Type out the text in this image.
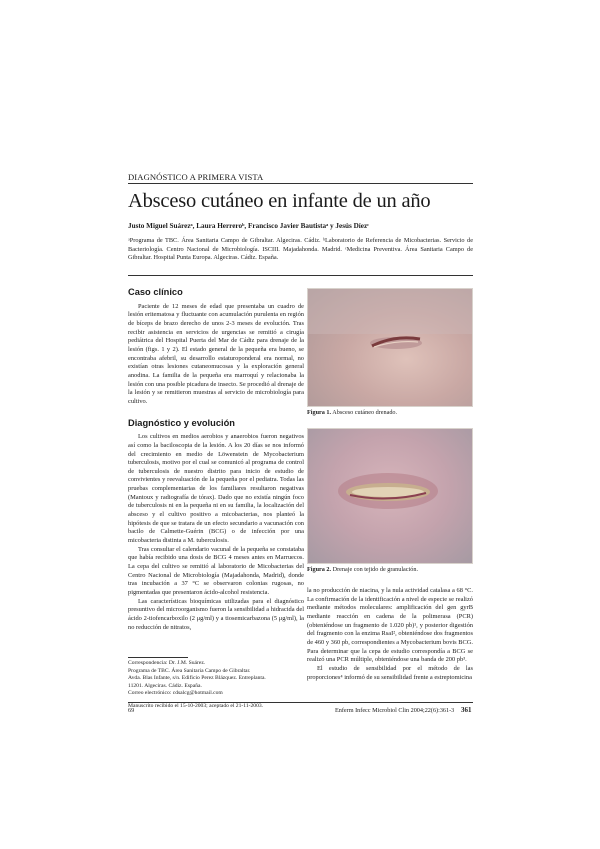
DIAGNÓSTICO A PRIMERA VISTA
Absceso cutáneo en infante de un año
Justo Miguel Suárezᵃ, Laura Herreroᵇ, Francisco Javier Bautistaᵃ y Jesús Díezᶜ
ᵃPrograma de TBC. Área Sanitaria Campo de Gibraltar. Algeciras. Cádiz. ᵇLaboratorio de Referencia de Micobacterias. Servicio de Bacteriología. Centro Nacional de Microbiología. ISCIII. Majadahonda. Madrid. ᶜMedicina Preventiva. Área Sanitaria Campo de Gibraltar. Hospital Punta Europa. Algeciras. Cádiz. España.
Caso clínico

Paciente de 12 meses de edad que presentaba un cuadro de lesión eritematosa y fluctuante con acumulación purulenta en región de bíceps de brazo derecho de unos 2-3 meses de evolución. Tras recibir asistencia en servicios de urgencias se remitió a cirugía pediátrica del Hospital Puerta del Mar de Cádiz para drenaje de la lesión (figs. 1 y 2). El estado general de la pequeña era bueno, se encontraba afebril, su desarrollo estaturoponderal era normal, no existían otras lesiones cutaneomucosas y la exploración general anodina. La familia de la pequeña era marroquí y relacionaba la lesión con una posible picadura de insecto. Se procedió al drenaje de la lesión y se remitieron muestras al servicio de microbiología para cultivo.

Diagnóstico y evolución

Los cultivos en medios aerobios y anaerobios fueron negativos así como la baciloscopia de la lesión. A los 20 días se nos informó del crecimiento en medio de Löwenstein de Mycobacterium tuberculosis, motivo por el cual se comunicó al programa de control de tuberculosis de nuestro distrito para inicio de estudio de convivientes y reevaluación de la pequeña por el pediatra. Todas las pruebas complementarias de los familiares resultaron negativas (Mantoux y radiografía de tórax). Dado que no existía ningún foco de tuberculosis ni en la pequeña ni en su familia, la localización del absceso y el cultivo positivo a micobacterias, nos planteó la hipótesis de que se tratara de un efecto secundario a vacunación con bacilo de Calmette-Guérin (BCG) o de infección por una micobacteria distinta a M. tuberculosis.

Tras consultar el calendario vacunal de la pequeña se constataba que había recibido una dosis de BCG 4 meses antes en Marruecos. La cepa del cultivo se remitió al laboratorio de Micobacterias del Centro Nacional de Microbiología (Majadahonda, Madrid), donde tras incubación a 37 °C se observaron colonias rugosas, no pigmentadas que presentaron ácido-alcohol resistencia.

Las características bioquímicas utilizadas para el diagnóstico presuntivo del microorganismo fueron la sensibilidad a hidracida del ácido 2-tiofencarboxilo (2 μg/ml) y a tiosemicarbazona (5 μg/ml), la no reducción de nitratos,

Figura 1. Absceso cutáneo drenado.
Figura 2. Drenaje con tejido de granulación.

la no producción de niacina, y la nula actividad catalasa a 68 °C. La confirmación de la identificación a nivel de especie se realizó mediante métodos moleculares: amplificación del gen gyrB mediante reacción en cadena de la polimerasa (PCR) (obteniéndose un fragmento de 1.020 pb)¹, y posterior digestión del fragmento con la enzima RsaI², obteniéndose dos fragmentos de 460 y 360 pb, correspondientes a Mycobacterium bovis BCG. Para determinar que la cepa de estudio correspondía a BCG se realizó una PCR múltiple, obteniéndose una banda de 200 pb³.

El estudio de sensibilidad por el método de las proporciones⁴ informó de su sensibilidad frente a estreptomicina

Correspondencia: Dr. J.M. Suárez.
Programa de TBC. Área Sanitaria Campo de Gibraltar.
Avda. Blas Infante, s/n. Edificio Perez Blázquez. Entreplanta.
11201. Algeciras. Cádiz. España.
Correo electrónico: cdsalcg@hotmail.com
Manuscrito recibido el 15-10-2003; aceptado el 21-11-2003.
69	Enferm Infecc Microbiol Clin 2004;22(6):361-3 361
